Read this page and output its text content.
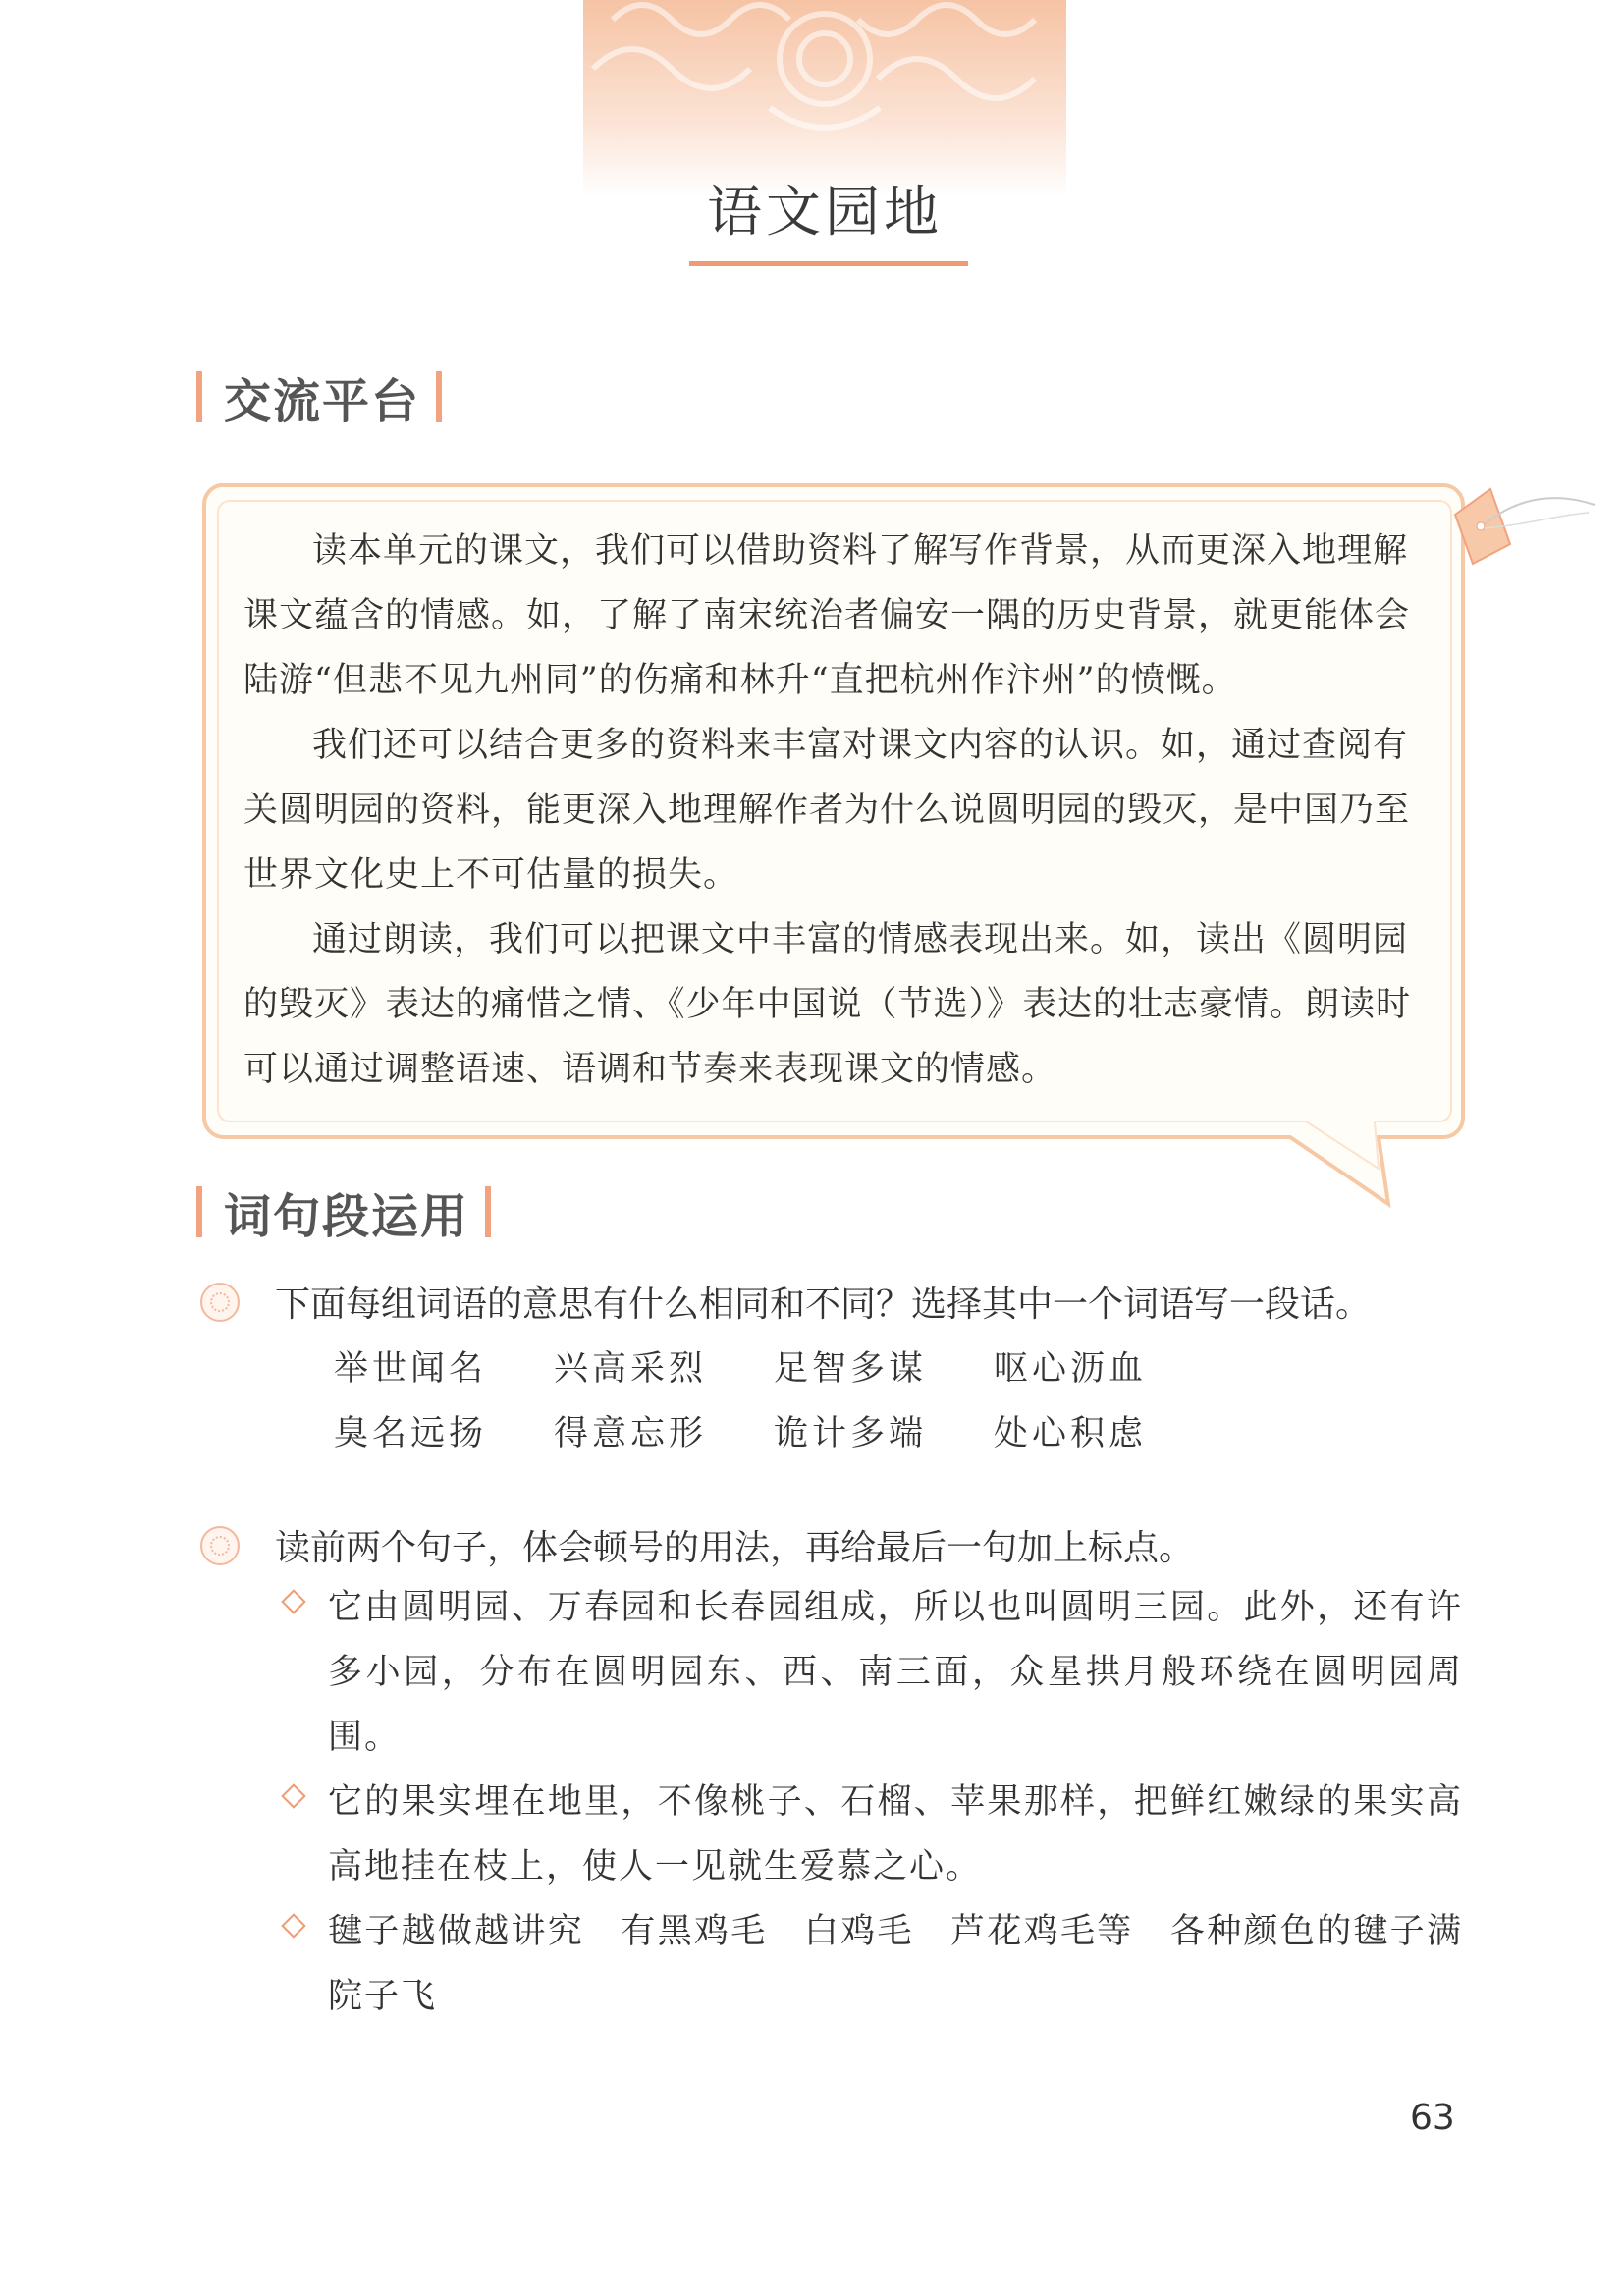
语文园地
交流平台

读本单元的课文，我们可以借助资料了解写作背景，从而更深入地理解课文蕴含的情感。如，了解了南宋统治者偏安一隅的历史背景，就更能体会陆游“但悲不见九州同”的伤痛和林升“直把杭州作汴州”的愤慨。

我们还可以结合更多的资料来丰富对课文内容的认识。如，通过查阅有关圆明园的资料，能更深入地理解作者为什么说圆明园的毁灭，是中国乃至世界文化史上不可估量的损失。

通过朗读，我们可以把课文中丰富的情感表现出来。如，读出《圆明园的毁灭》表达的痛惜之情、《少年中国说（节选）》表达的壮志豪情。朗读时可以通过调整语速、语调和节奏来表现课文的情感。

词句段运用
下面每组词语的意思有什么相同和不同？选择其中一个词语写一段话。
举世闻名	兴高采烈	足智多谋	呕心沥血
臭名远扬	得意忘形	诡计多端	处心积虑
读前两个句子，体会顿号的用法，再给最后一句加上标点。
它由圆明园、万春园和长春园组成，所以也叫圆明三园。此外，还有许多小园，分布在圆明园东、西、南三面，众星拱月般环绕在圆明园周围。
它的果实埋在地里，不像桃子、石榴、苹果那样，把鲜红嫩绿的果实高高地挂在枝上，使人一见就生爱慕之心。
毽子越做越讲究　有黑鸡毛　白鸡毛　芦花鸡毛等　各种颜色的毽子满院子飞
63
